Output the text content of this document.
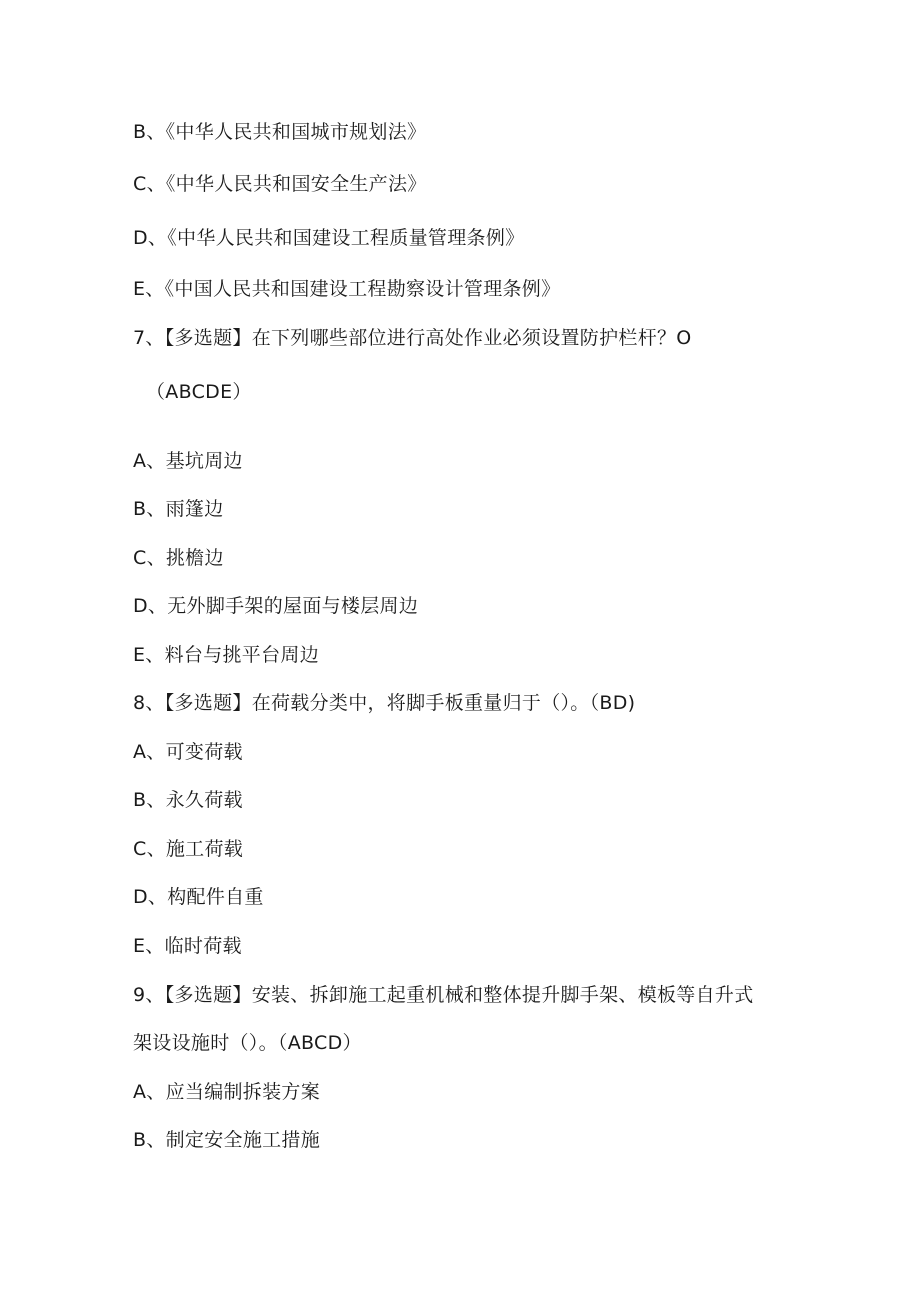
B、《中华人民共和国城市规划法》
C、《中华人民共和国安全生产法》
D、《中华人民共和国建设工程质量管理条例》
E、《中国人民共和国建设工程勘察设计管理条例》
7、【多选题】在下列哪些部位进行高处作业必须设置防护栏杆？O
（ABCDE）
A、基坑周边
B、雨篷边
C、挑檐边
D、无外脚手架的屋面与楼层周边
E、料台与挑平台周边
8、【多选题】在荷载分类中，将脚手板重量归于（）。（BD)
A、可变荷载
B、永久荷载
C、施工荷载
D、构配件自重
E、临时荷载
9、【多选题】安装、拆卸施工起重机械和整体提升脚手架、模板等自升式
架设设施时（）。（ABCD）
A、应当编制拆装方案
B、制定安全施工措施
